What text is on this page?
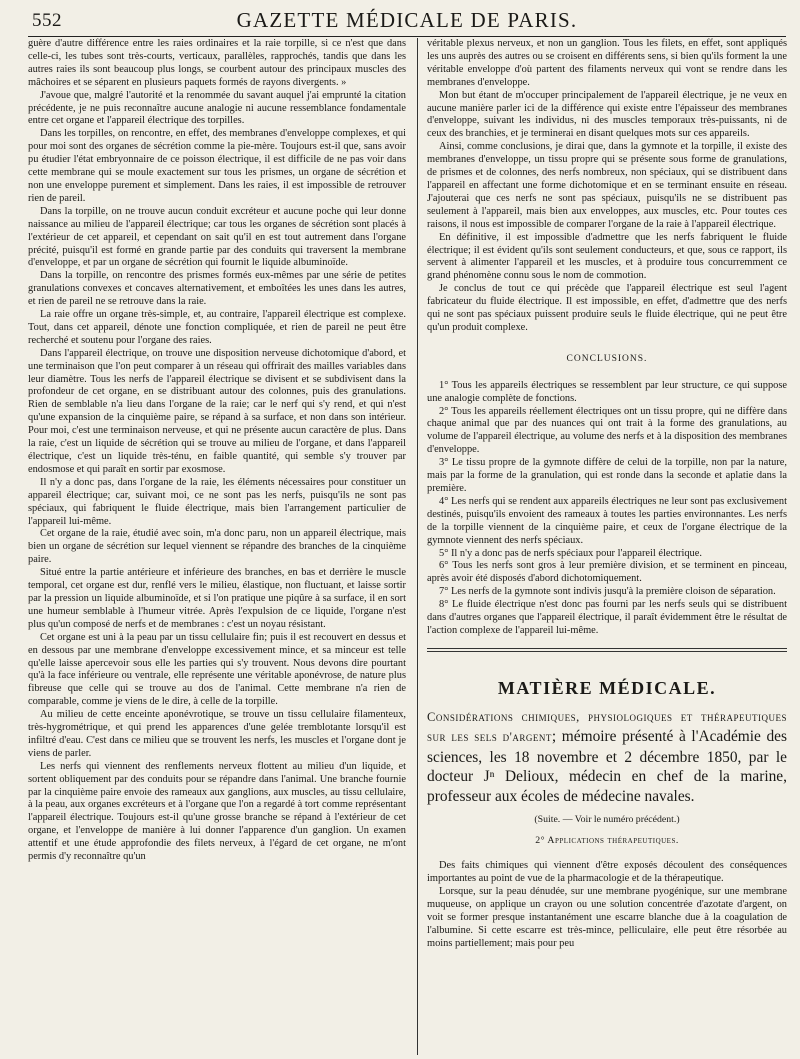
552	GAZETTE MÉDICALE DE PARIS.

guère d'autre différence entre les raies ordinaires et la raie torpille, si ce n'est que dans celle-ci, les tubes sont très-courts, verticaux, parallèles, rapprochés, tandis que dans les autres raies ils sont beaucoup plus longs, se courbent autour des principaux muscles des mâchoires et se séparent en plusieurs paquets formés de rayons divergents. »

J'avoue que, malgré l'autorité et la renommée du savant auquel j'ai emprunté la citation précédente, je ne puis reconnaître aucune analogie ni aucune ressemblance fondamentale entre cet organe et l'appareil électrique des torpilles.

Dans les torpilles, on rencontre, en effet, des membranes d'enveloppe complexes, et qui pour moi sont des organes de sécrétion comme la pie-mère. Toujours est-il que, sans avoir pu étudier l'état embryonnaire de ce poisson électrique, il est difficile de ne pas voir dans cette membrane qui se moule exactement sur tous les prismes, un organe de sécrétion et non une enveloppe purement et simplement. Dans les raies, il est impossible de retrouver rien de pareil.

Dans la torpille, on ne trouve aucun conduit excréteur et aucune poche qui leur donne naissance au milieu de l'appareil électrique; car tous les organes de sécrétion sont placés à l'extérieur de cet appareil, et cependant on sait qu'il en est tout autrement dans l'organe précité, puisqu'il est formé en grande partie par des conduits qui traversent la membrane d'enveloppe, et par un organe de sécrétion qui fournit le liquide albuminoïde.

Dans la torpille, on rencontre des prismes formés eux-mêmes par une série de petites granulations convexes et concaves alternativement, et emboîtées les unes dans les autres, et rien de pareil ne se retrouve dans la raie.

La raie offre un organe très-simple, et, au contraire, l'appareil électrique est complexe. Tout, dans cet appareil, dénote une fonction compliquée, et rien de pareil ne peut être recherché et soutenu pour l'organe des raies.

Dans l'appareil électrique, on trouve une disposition nerveuse dichotomique d'abord, et une terminaison que l'on peut comparer à un réseau qui offrirait des mailles variables dans leur diamètre. Tous les nerfs de l'appareil électrique se divisent et se subdivisent dans la profondeur de cet organe, en se distribuant autour des colonnes, puis des granulations. Rien de semblable n'a lieu dans l'organe de la raie; car le nerf qui s'y rend, et qui n'est qu'une expansion de la cinquième paire, se répand à sa surface, et non dans son intérieur. Pour moi, c'est une terminaison nerveuse, et qui ne présente aucun caractère de plus. Dans la raie, c'est un liquide de sécrétion qui se trouve au milieu de l'organe, et dans l'appareil électrique, c'est un liquide très-ténu, en faible quantité, qui semble s'y trouver par endosmose et qui paraît en sortir par exosmose.

Il n'y a donc pas, dans l'organe de la raie, les éléments nécessaires pour constituer un appareil électrique; car, suivant moi, ce ne sont pas les nerfs, puisqu'ils ne sont pas spéciaux, qui fabriquent le fluide électrique, mais bien l'arrangement particulier de l'appareil lui-même.

Cet organe de la raie, étudié avec soin, m'a donc paru, non un appareil électrique, mais bien un organe de sécrétion sur lequel viennent se répandre des branches de la cinquième paire.

Situé entre la partie antérieure et inférieure des branches, en bas et derrière le muscle temporal, cet organe est dur, renflé vers le milieu, élastique, non fluctuant, et laisse sortir par la pression un liquide albuminoïde, et si l'on pratique une piqûre à sa surface, il en sort une humeur semblable à l'humeur vitrée. Après l'expulsion de ce liquide, l'organe n'est plus qu'un composé de nerfs et de membranes : c'est un noyau résistant.

Cet organe est uni à la peau par un tissu cellulaire fin; puis il est recouvert en dessus et en dessous par une membrane d'enveloppe excessivement mince, et sa minceur est telle qu'elle laisse apercevoir sous elle les parties qui s'y trouvent. Nous devons dire pourtant qu'à la face inférieure ou ventrale, elle représente une véritable aponévrose, de nature plus fibreuse que celle qui se trouve au dos de l'animal. Cette membrane n'a rien de comparable, comme je viens de le dire, à celle de la torpille.

Au milieu de cette enceinte aponévrotique, se trouve un tissu cellulaire filamenteux, très-hygrométrique, et qui prend les apparences d'une gelée tremblotante lorsqu'il est infiltré d'eau. C'est dans ce milieu que se trouvent les nerfs, les muscles et l'organe dont je viens de parler.

Les nerfs qui viennent des renflements nerveux flottent au milieu d'un liquide, et sortent obliquement par des conduits pour se répandre dans l'animal. Une branche fournie par la cinquième paire envoie des rameaux aux ganglions, aux muscles, au tissu cellulaire, à la peau, aux organes excréteurs et à l'organe que l'on a regardé à tort comme représentant l'appareil électrique. Toujours est-il qu'une grosse branche se répand à l'extérieur de cet organe, et l'enveloppe de manière à lui donner l'apparence d'un ganglion. Un examen attentif et une étude approfondie des filets nerveux, à l'égard de cet organe, ne m'ont permis d'y reconnaître qu'un

véritable plexus nerveux, et non un ganglion. Tous les filets, en effet, sont appliqués les uns auprès des autres ou se croisent en différents sens, si bien qu'ils forment la une véritable enveloppe d'où partent des filaments nerveux qui vont se rendre dans les membranes d'enveloppe.

Mon but étant de m'occuper principalement de l'appareil électrique, je ne veux en aucune manière parler ici de la différence qui existe entre l'épaisseur des membranes d'enveloppe, suivant les individus, ni des muscles temporaux très-puissants, ni de ceux des branchies, et je terminerai en disant quelques mots sur ces appareils.

Ainsi, comme conclusions, je dirai que, dans la gymnote et la torpille, il existe des membranes d'enveloppe, un tissu propre qui se présente sous forme de granulations, de prismes et de colonnes, des nerfs nombreux, non spéciaux, qui se distribuent dans l'appareil en affectant une forme dichotomique et en se terminant ensuite en réseau. J'ajouterai que ces nerfs ne sont pas spéciaux, puisqu'ils ne se distribuent pas seulement à l'appareil, mais bien aux enveloppes, aux muscles, etc. Pour toutes ces raisons, il nous est impossible de comparer l'organe de la raie à l'appareil électrique.

En définitive, il est impossible d'admettre que les nerfs fabriquent le fluide électrique; il est évident qu'ils sont seulement conducteurs, et que, sous ce rapport, ils servent à alimenter l'appareil et les muscles, et à produire tous concurremment ce grand phénomène connu sous le nom de commotion.

Je conclus de tout ce qui précède que l'appareil électrique est seul l'agent fabricateur du fluide électrique. Il est impossible, en effet, d'admettre que des nerfs qui ne sont pas spéciaux puissent produire seuls le fluide électrique, qui ne peut être qu'un produit complexe.

CONCLUSIONS.

1° Tous les appareils électriques se ressemblent par leur structure, ce qui suppose une analogie complète de fonctions.

2° Tous les appareils réellement électriques ont un tissu propre, qui ne diffère dans chaque animal que par des nuances qui ont trait à la forme des granulations, au volume de l'appareil électrique, au volume des nerfs et à la disposition des membranes d'enveloppe.

3° Le tissu propre de la gymnote diffère de celui de la torpille, non par la nature, mais par la forme de la granulation, qui est ronde dans la seconde et aplatie dans la première.

4° Les nerfs qui se rendent aux appareils électriques ne leur sont pas exclusivement destinés, puisqu'ils envoient des rameaux à toutes les parties environnantes. Les nerfs de la torpille viennent de la cinquième paire, et ceux de l'organe électrique de la gymnote viennent des nerfs spéciaux.

5° Il n'y a donc pas de nerfs spéciaux pour l'appareil électrique.

6° Tous les nerfs sont gros à leur première division, et se terminent en pinceau, après avoir été disposés d'abord dichotomiquement.

7° Les nerfs de la gymnote sont indivis jusqu'à la première cloison de séparation.

8° Le fluide électrique n'est donc pas fourni par les nerfs seuls qui se distribuent dans d'autres organes que l'appareil électrique, il paraît évidemment être le résultat de l'action complexe de l'appareil lui-même.

MATIÈRE MÉDICALE.
Considérations chimiques, physiologiques et thérapeutiques sur les sels d'argent; mémoire présenté à l'Académie des sciences, les 18 novembre et 2 décembre 1850, par le docteur Jⁿ Delioux, médecin en chef de la marine, professeur aux écoles de médecine navales.
(Suite. — Voir le numéro précédent.)
2° Applications thérapeutiques.

Des faits chimiques qui viennent d'être exposés découlent des conséquences importantes au point de vue de la pharmacologie et de la thérapeutique.

Lorsque, sur la peau dénudée, sur une membrane pyogénique, sur une membrane muqueuse, on applique un crayon ou une solution concentrée d'azotate d'argent, on voit se former presque instantanément une escarre blanche due à la coagulation de l'albumine. Si cette escarre est très-mince, pelliculaire, elle peut être résorbée au moins partiellement; mais pour peu
